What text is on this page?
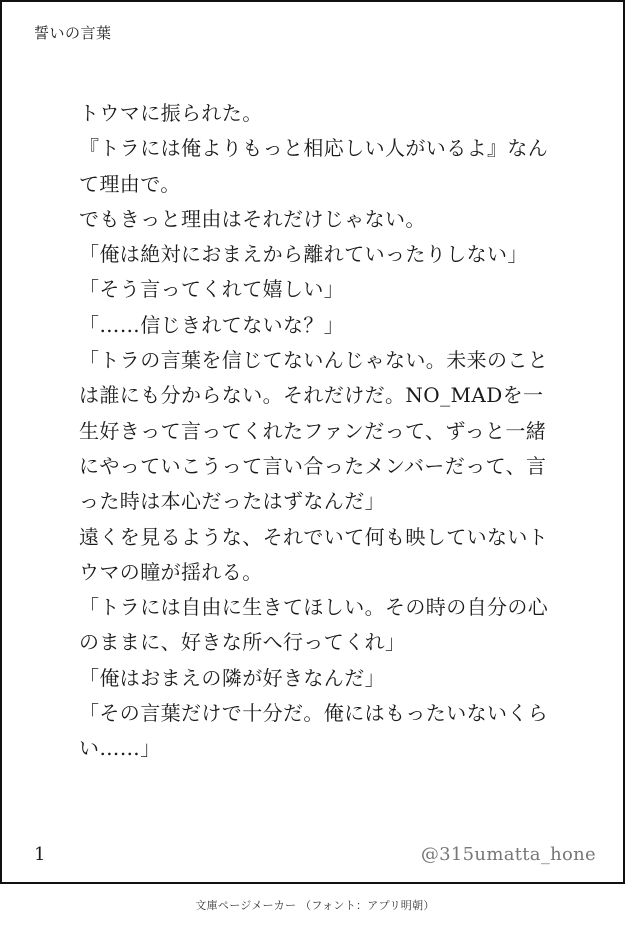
誓いの言葉
トウマに振られた。
『トラには俺よりもっと相応しい人がいるよ』なん
て理由で。
でもきっと理由はそれだけじゃない。
「俺は絶対におまえから離れていったりしない」
「そう言ってくれて嬉しい」
「……信じきれてないな？」
「トラの言葉を信じてないんじゃない。未来のこと
は誰にも分からない。それだけだ。NO_MADを一
生好きって言ってくれたファンだって、ずっと一緒
にやっていこうって言い合ったメンバーだって、言
った時は本心だったはずなんだ」
遠くを見るような、それでいて何も映していないト
ウマの瞳が揺れる。
「トラには自由に生きてほしい。その時の自分の心
のままに、好きな所へ行ってくれ」
「俺はおまえの隣が好きなんだ」
「その言葉だけで十分だ。俺にはもったいないくら
い……」
1	@315umatta_hone
文庫ページメーカー （フォント：アプリ明朝）
